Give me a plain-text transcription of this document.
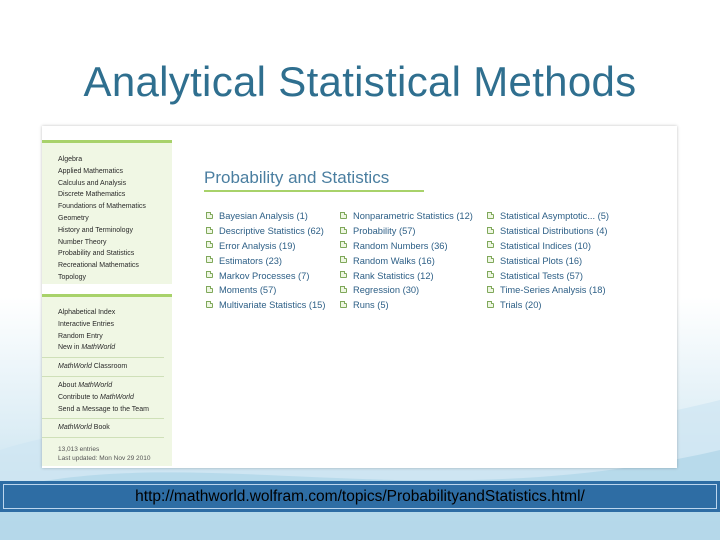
Analytical Statistical Methods
Algebra
Applied Mathematics
Calculus and Analysis
Discrete Mathematics
Foundations of Mathematics
Geometry
History and Terminology
Number Theory
Probability and Statistics
Recreational Mathematics
Topology
Alphabetical Index
Interactive Entries
Random Entry
New in MathWorld
MathWorld Classroom
About MathWorld
Contribute to MathWorld
Send a Message to the Team
MathWorld Book
13,013 entries
Last updated: Mon Nov 29 2010
Probability and Statistics
Bayesian Analysis (1)
Descriptive Statistics (62)
Error Analysis (19)
Estimators (23)
Markov Processes (7)
Moments (57)
Multivariate Statistics (15)
Nonparametric Statistics (12)
Probability (57)
Random Numbers (36)
Random Walks (16)
Rank Statistics (12)
Regression (30)
Runs (5)
Statistical Asymptotic... (5)
Statistical Distributions (4)
Statistical Indices (10)
Statistical Plots (16)
Statistical Tests (57)
Time-Series Analysis (18)
Trials (20)
http://mathworld.wolfram.com/topics/ProbabilityandStatistics.html/
